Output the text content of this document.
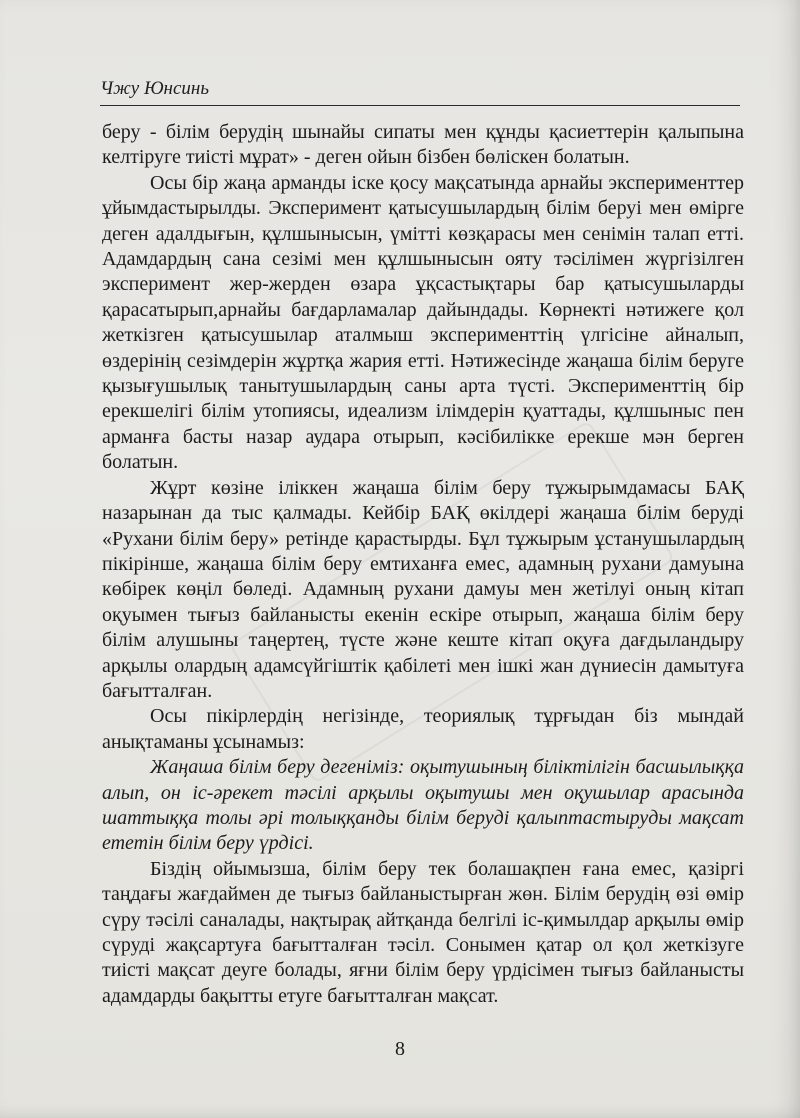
Чжу Юнсинь

беру - білім берудің шынайы сипаты мен құнды қасиеттерін қалыпына келтіруге тиісті мұрат» - деген ойын бізбен бөліскен болатын.

Осы бір жаңа арманды іске қосу мақсатында арнайы эксперименттер ұйымдастырылды. Эксперимент қатысушылардың білім беруі мен өмірге деген адалдығын, құлшынысын, үмітті көзқарасы мен сенімін талап етті. Адамдардың сана сезімі мен құлшынысын ояту тәсілімен жүргізілген эксперимент жер-жерден өзара ұқсастықтары бар қатысушыларды қарасатырып,арнайы бағдарламалар дайындады. Көрнекті нәтижеге қол жеткізген қатысушылар аталмыш эксперименттің үлгісіне айналып, өздерінің сезімдерін жұртқа жария етті. Нәтижесінде жаңаша білім беруге қызығушылық танытушылардың саны арта түсті. Эксперименттің бір ерекшелігі білім утопиясы, идеализм ілімдерін қуаттады, құлшыныс пен арманға басты назар аудара отырып, кәсібилікке ерекше мән берген болатын.

Жұрт көзіне іліккен жаңаша білім беру тұжырымдамасы БАҚ назарынан да тыс қалмады. Кейбір БАҚ өкілдері жаңаша білім беруді «Рухани білім беру» ретінде қарастырды. Бұл тұжырым ұстанушылардың пікірінше, жаңаша білім беру емтиханға емес, адамның рухани дамуына көбірек көңіл бөледі. Адамның рухани дамуы мен жетілуі оның кітап оқуымен тығыз байланысты екенін ескіре отырып, жаңаша білім беру білім алушыны таңертең, түсте және кеште кітап оқуға дағдыландыру арқылы олардың адамсүйгіштік қабілеті мен ішкі жан дүниесін дамытуға бағытталған.

Осы пікірлердің негізінде, теориялық тұрғыдан біз мындай анықтаманы ұсынамыз:

Жаңаша білім беру дегеніміз: оқытушының біліктілігін басшылыққа алып, он іс-әрекет тәсілі арқылы оқытушы мен оқушылар арасында шаттыққа толы әрі толыққанды білім беруді қалыптастыруды мақсат ететін білім беру үрдісі.

Біздің ойымызша, білім беру тек болашақпен ғана емес, қазіргі таңдағы жағдаймен де тығыз байланыстырған жөн. Білім берудің өзі өмір сүру тәсілі саналады, нақтырақ айтқанда белгілі іс-қимылдар арқылы өмір сүруді жақсартуға бағытталған тәсіл. Сонымен қатар ол қол жеткізуге тиісті мақсат деуге болады, яғни білім беру үрдісімен тығыз байланысты адамдарды бақытты етуге бағытталған мақсат.

8
